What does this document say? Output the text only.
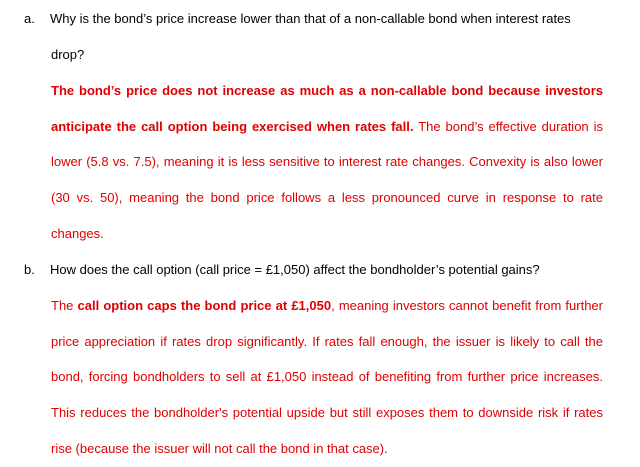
a. Why is the bond’s price increase lower than that of a non-callable bond when interest rates
drop?
The bond’s price does not increase as much as a non-callable bond because investors
anticipate the call option being exercised when rates fall. The bond’s effective duration is
lower (5.8 vs. 7.5), meaning it is less sensitive to interest rate changes. Convexity is also lower
(30 vs. 50), meaning the bond price follows a less pronounced curve in response to rate
changes.
b. How does the call option (call price = £1,050) affect the bondholder’s potential gains?
The call option caps the bond price at £1,050, meaning investors cannot benefit from further
price appreciation if rates drop significantly. If rates fall enough, the issuer is likely to call the
bond, forcing bondholders to sell at £1,050 instead of benefiting from further price increases.
This reduces the bondholder's potential upside but still exposes them to downside risk if rates
rise (because the issuer will not call the bond in that case).
